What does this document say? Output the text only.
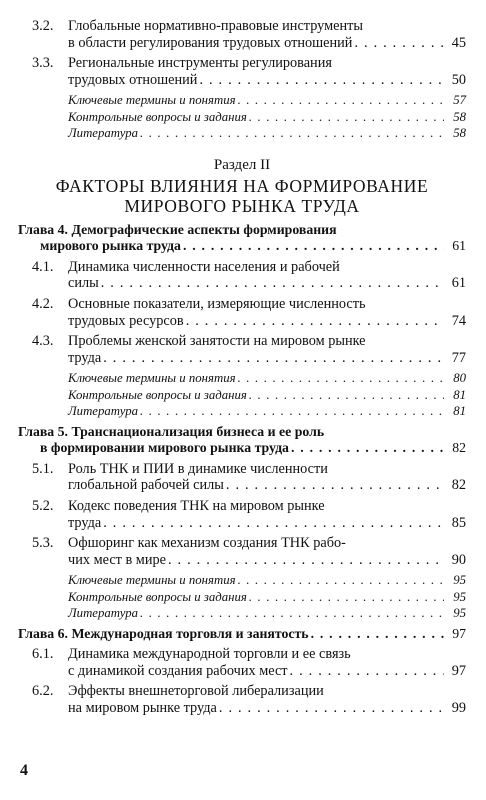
3.2.	Глобальные нормативно-правовые инструменты
в области регулирования трудовых отношений . . .	45
3.3.	Региональные инструменты регулирования
трудовых отношений . . .	50
Ключевые термины и понятия . . .	57
Контрольные вопросы и задания . . .	58
Литература . . .	58
Раздел II
ФАКТОРЫ ВЛИЯНИЯ НА ФОРМИРОВАНИЕ
МИРОВОГО РЫНКА ТРУДА
Глава 4. Демографические аспекты формирования
мирового рынка труда . . .	61
4.1.	Динамика численности населения и рабочей
силы . . .	61
4.2.	Основные показатели, измеряющие численность
трудовых ресурсов . . .	74
4.3.	Проблемы женской занятости на мировом рынке
труда . . .	77
Ключевые термины и понятия . . .	80
Контрольные вопросы и задания . . .	81
Литература . . .	81
Глава 5. Транснационализация бизнеса и ее роль
в формировании мирового рынка труда . . .	82
5.1.	Роль ТНК и ПИИ в динамике численности
глобальной рабочей силы . . .	82
5.2.	Кодекс поведения ТНК на мировом рынке
труда . . .	85
5.3.	Офшоринг как механизм создания ТНК рабо-
чих мест в мире . . .	90
Ключевые термины и понятия . . .	95
Контрольные вопросы и задания . . .	95
Литература . . .	95
Глава 6. Международная торговля и занятость . . .	97
6.1.	Динамика международной торговли и ее связь
с динамикой создания рабочих мест . . .	97
6.2.	Эффекты внешнеторговой либерализации
на мировом рынке труда . . .	99
4
